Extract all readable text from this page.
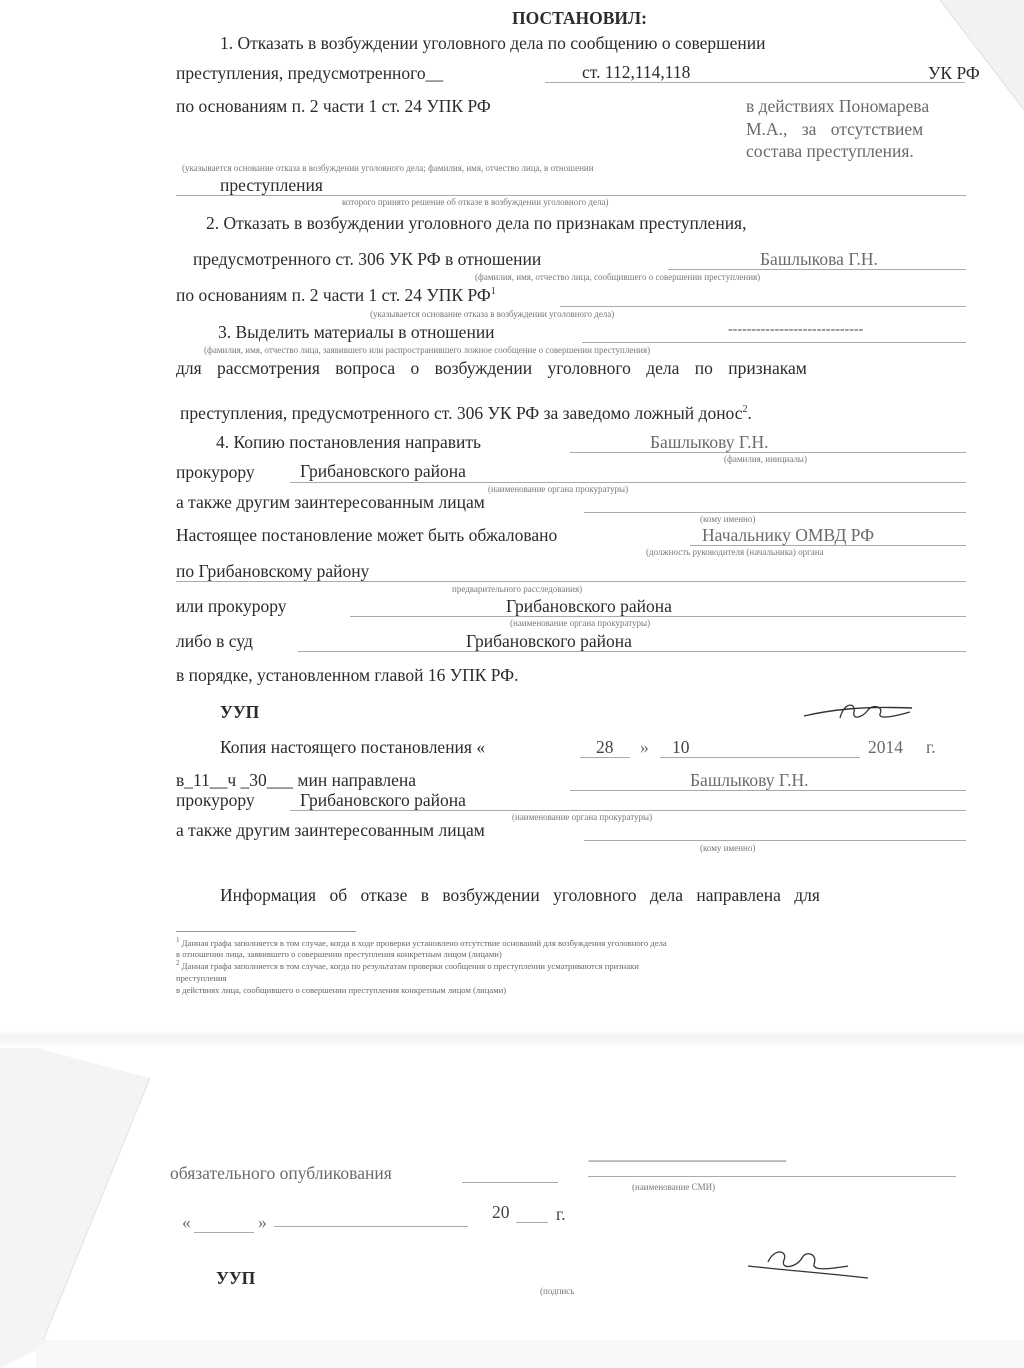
ПОСТАНОВИЛ:
1. Отказать в возбуждении уголовного дела по сообщению о совершении
преступления, предусмотренного__	ст. 112,114,118	УК РФ
по основаниям п. 2 части 1 ст. 24 УПК РФ	в действиях Пономарева
М.А., за отсутствием
состава преступления.
(указывается основание отказа в возбуждении уголовного дела; фамилия, имя, отчество лица, в отношении
преступления
которого принято решение об отказе в возбуждении уголовного дела)
2. Отказать в возбуждении уголовного дела по признакам преступления,
предусмотренного ст. 306 УК РФ в отношении	Башлыкова Г.Н.
(фамилия, имя, отчество лица, сообщившего о совершении преступления)
по основаниям п. 2 части 1 ст. 24 УПК $РФ^1$
(указывается основание отказа в возбуждении уголовного дела)
3. Выделить материалы в отношении	-----------------------------
(фамилия, имя, отчество лица, заявившего или распространившего ложное сообщение о совершении преступления)
для рассмотрения вопроса о возбуждении уголовного дела по признакам
преступления, предусмотренного ст. 306 УК РФ за заведомо ложный донос$^2$.
4. Копию постановления направить	Башлыкову Г.Н.
(фамилия, инициалы)
прокурору	Грибановского района
(наименование органа прокуратуры)
а также другим заинтересованным лицам
(кому именно)
Настоящее постановление может быть обжаловано	Начальнику ОМВД РФ
(должность руководителя (начальника) органа
по Грибановскому району
предварительного расследования)
или прокурору	Грибановского района
(наименование органа прокуратуры)
либо в суд	Грибановского района
в порядке, установленном главой 16 УПК РФ.
УУП
Копия настоящего постановления «	28 » 10	2014 г.
в_11__ч _30___ мин направлена	Башлыкову Г.Н.
прокурору	Грибановского района
(наименование органа прокуратуры)
а также другим заинтересованным лицам
(кому именно)
Информация об отказе в возбуждении уголовного дела направлена для
$^1$ Данная графа заполняется в том случае, когда в ходе проверки установлено отсутствие оснований для возбуждения уголовного дела
в отношении лица, заявившего о совершении преступления конкретным лицом (лицами)
$^2$ Данная графа заполняется в том случае, когда по результатам проверки сообщения о преступлении усматриваются признаки
преступления
в действиях лица, сообщившего о совершении преступления конкретным лицом (лицами)
обязательного опубликования
------------------------------------------------------------------
(наименование СМИ)
«	»	20	г.
УУП
(подпись
